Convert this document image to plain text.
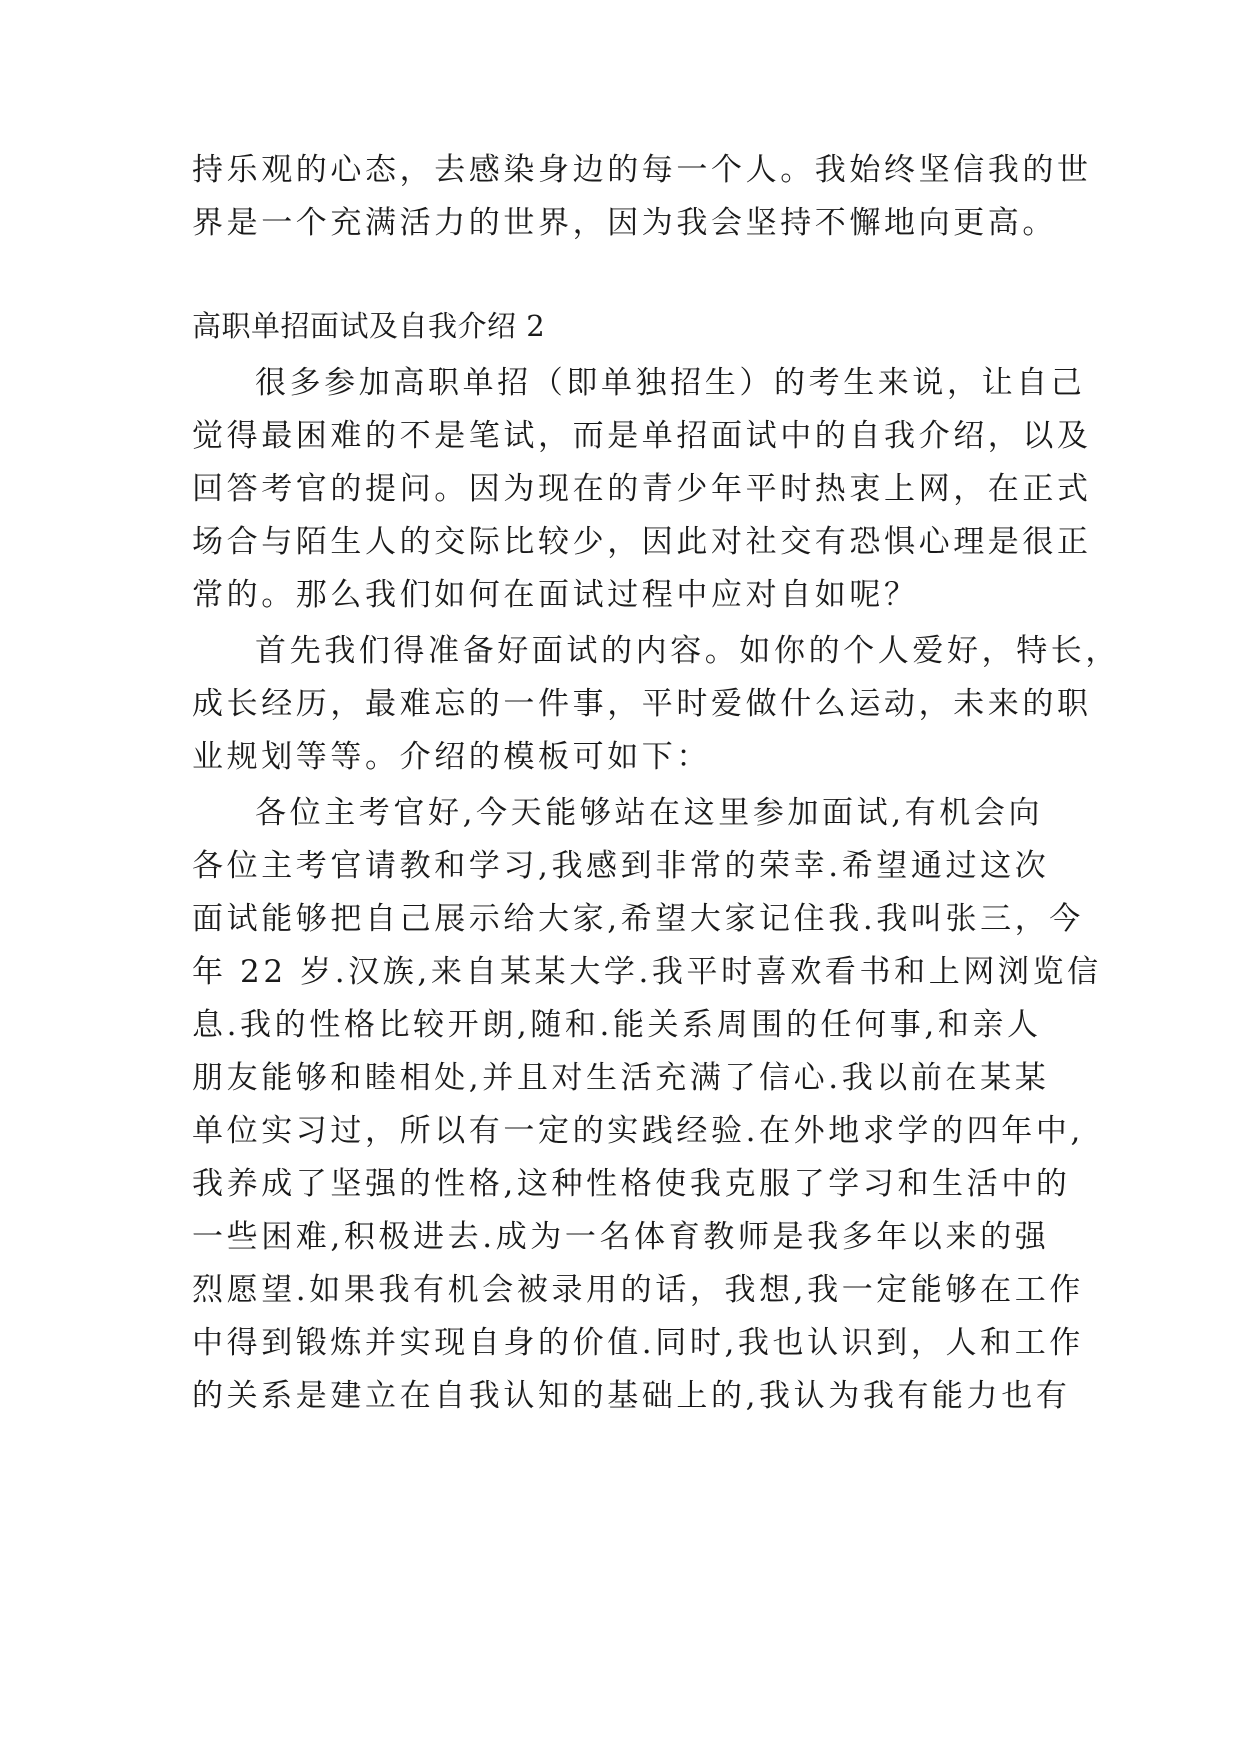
持乐观的心态，去感染身边的每一个人。我始终坚信我的世
界是一个充满活力的世界，因为我会坚持不懈地向更高。
高职单招面试及自我介绍 2
很多参加高职单招（即单独招生）的考生来说，让自己
觉得最困难的不是笔试，而是单招面试中的自我介绍，以及
回答考官的提问。因为现在的青少年平时热衷上网，在正式
场合与陌生人的交际比较少，因此对社交有恐惧心理是很正
常的。那么我们如何在面试过程中应对自如呢？
首先我们得准备好面试的内容。如你的个人爱好，特长，
成长经历，最难忘的一件事，平时爱做什么运动，未来的职
业规划等等。介绍的模板可如下：
各位主考官好,今天能够站在这里参加面试,有机会向
各位主考官请教和学习,我感到非常的荣幸.希望通过这次
面试能够把自己展示给大家,希望大家记住我.我叫张三，今
年 22 岁.汉族,来自某某大学.我平时喜欢看书和上网浏览信
息.我的性格比较开朗,随和.能关系周围的任何事,和亲人
朋友能够和睦相处,并且对生活充满了信心.我以前在某某
单位实习过，所以有一定的实践经验.在外地求学的四年中,
我养成了坚强的性格,这种性格使我克服了学习和生活中的
一些困难,积极进去.成为一名体育教师是我多年以来的强
烈愿望.如果我有机会被录用的话，我想,我一定能够在工作
中得到锻炼并实现自身的价值.同时,我也认识到，人和工作
的关系是建立在自我认知的基础上的,我认为我有能力也有
